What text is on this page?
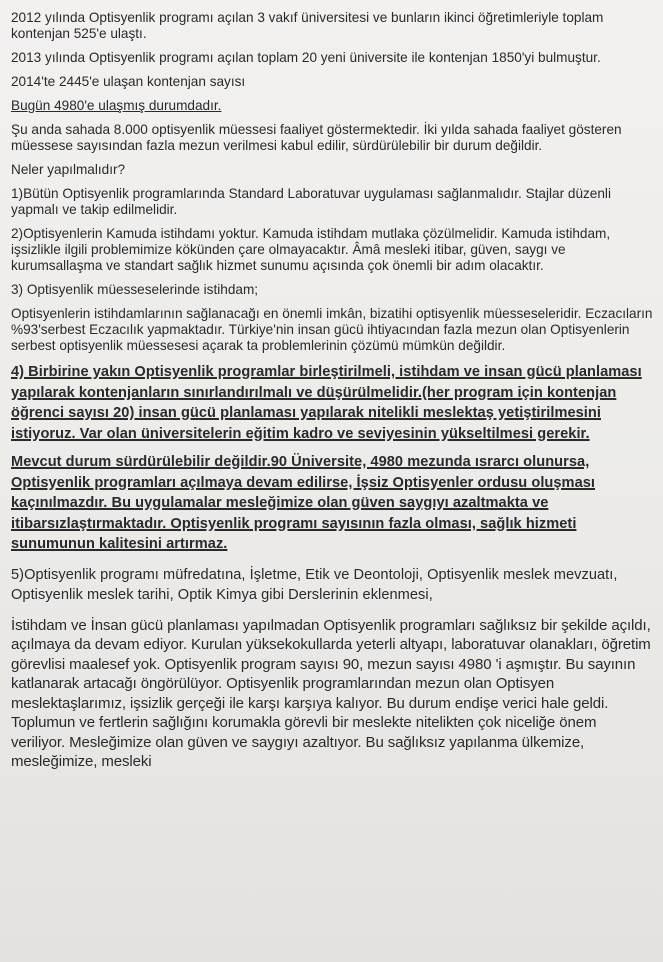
2012 yılında Optisyenlik programı açılan 3 vakıf üniversitesi ve bunların ikinci öğretimleriyle toplam kontenjan 525'e ulaştı.

2013 yılında Optisyenlik programı açılan toplam 20 yeni üniversite ile kontenjan 1850'yi bulmuştur.

2014'te 2445'e ulaşan kontenjan sayısı

Bugün 4980'e ulaşmış durumdadır.

Şu anda sahada 8.000 optisyenlik müessesi faaliyet göstermektedir. İki yılda sahada faaliyet gösteren müessese sayısından fazla mezun verilmesi kabul edilir, sürdürülebilir bir durum değildir.

Neler yapılmalıdır?

1)Bütün Optisyenlik programlarında Standard Laboratuvar uygulaması sağlanmalıdır. Stajlar düzenli yapmalı ve takip edilmelidir.

2)Optisyenlerin Kamuda istihdamı yoktur. Kamuda istihdam mutlaka çözülmelidir. Kamuda istihdam, işsizlikle ilgili problemimize kökünden çare olmayacaktır. Âmâ mesleki itibar, güven, saygı ve kurumsallaşma ve standart sağlık hizmet sunumu açısında çok önemli bir adım olacaktır.

3) Optisyenlik müesseselerinde istihdam;

Optisyenlerin istihdamlarının sağlanacağı en önemli imkân, bizatihi optisyenlik müesseseleridir. Eczacıların %93'serbest Eczacılık yapmaktadır. Türkiye'nin insan gücü ihtiyacından fazla mezun olan Optisyenlerin serbest optisyenlik müessesesi açarak ta problemlerinin çözümü mümkün değildir.

4) Birbirine yakın Optisyenlik programlar birleştirilmeli, istihdam ve insan gücü planlaması yapılarak kontenjanların sınırlandırılmalı ve düşürülmelidir.(her program için kontenjan öğrenci sayısı 20) insan gücü planlaması yapılarak nitelikli meslektaş yetiştirilmesini istiyoruz. Var olan üniversitelerin eğitim kadro ve seviyesinin yükseltilmesi gerekir.

Mevcut durum sürdürülebilir değildir.90 Üniversite, 4980 mezunda ısrarcı olunursa, Optisyenlik programları açılmaya devam edilirse, İşsiz Optisyenler ordusu oluşması kaçınılmazdır. Bu uygulamalar mesleğimize olan güven saygıyı azaltmakta ve itibarsızlaştırmaktadır. Optisyenlik programı sayısının fazla olması, sağlık hizmeti sunumunun kalitesini artırmaz.

5)Optisyenlik programı müfredatına, İşletme, Etik ve Deontoloji, Optisyenlik meslek mevzuatı, Optisyenlik meslek tarihi, Optik Kimya gibi Derslerinin eklenmesi,

İstihdam ve İnsan gücü planlaması yapılmadan Optisyenlik programları sağlıksız bir şekilde açıldı, açılmaya da devam ediyor. Kurulan yüksekokullarda yeterli altyapı, laboratuvar olanakları, öğretim görevlisi maalesef yok. Optisyenlik program sayısı 90, mezun sayısı 4980 'i aşmıştır. Bu sayının katlanarak artacağı öngörülüyor. Optisyenlik programlarından mezun olan Optisyen meslektaşlarımız, işsizlik gerçeği ile karşı karşıya kalıyor. Bu durum endişe verici hale geldi. Toplumun ve fertlerin sağlığını korumakla görevli bir meslekte nitelikten çok niceliğe önem veriliyor. Mesleğimize olan güven ve saygıyı azaltıyor. Bu sağlıksız yapılanma ülkemize, mesleğimize, mesleki
